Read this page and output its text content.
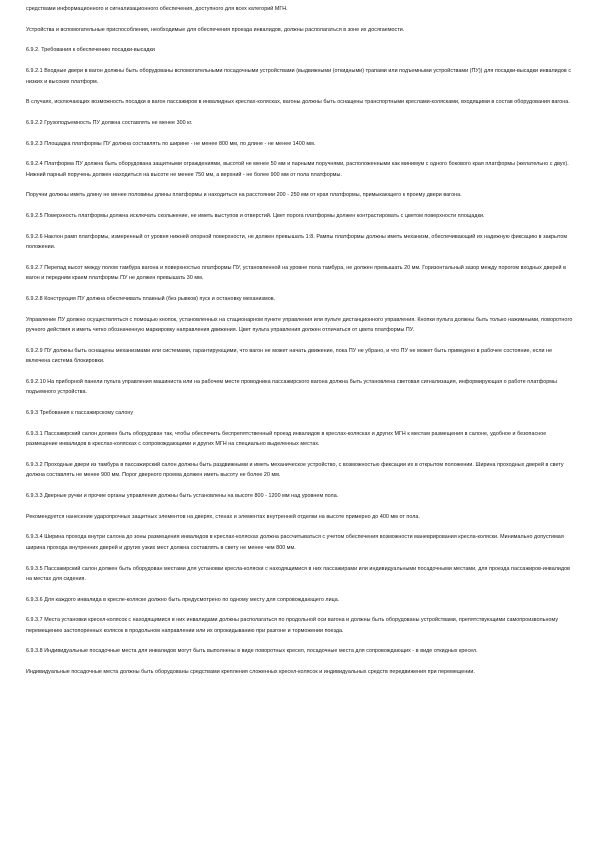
средствами информационного и сигнализационного обеспечения, доступного для всех категорий МГН.

Устройства и вспомогательные приспособления, необходимые для обеспечения проезда инвалидов, должны располагаться в зоне их досягаемости.

6.9.2. Требования к обеспечению посадки-высадки

6.9.2.1 Входные двери в вагон должны быть оборудованы вспомогательными посадочными устройствами (выдвижными (откидными) трапами или подъемными устройствами (ПУ)) для посадки-высадки инвалидов с низких и высоких платформ.

В случаях, исключающих возможность посадки в вагон пассажиров в инвалидных креслах-колясках, вагоны должны быть оснащены транспортными креслами-колясками, входящими в состав оборудования вагона.

6.9.2.2 Грузоподъемность ПУ должна составлять не менее 300 кг.

6.9.2.3 Площадка платформы ПУ должна составлять по ширине - не менее 800 мм, по длине - не менее 1400 мм.

6.9.2.4 Платформа ПУ должна быть оборудована защитными ограждениями, высотой не менее 50 мм и парными поручнями, расположенными как минимум с одного бокового края платформы (желательно с двух). Нижний парный поручень должен находиться на высоте не менее 750 мм, а верхний - не более 900 мм от пола платформы.

Поручни должны иметь длину не менее половины длины платформы и находиться на расстоянии 200 - 250 мм от края платформы, примыкающего к проему двери вагона.

6.9.2.5 Поверхность платформы должна исключать скольжение, не иметь выступов и отверстий. Цвет порога платформы должен контрастировать с цветом поверхности площадки.

6.9.2.6 Наклон рамп платформы, измеренный от уровня нижней опорной поверхности, не должен превышать 1:8. Рампы платформы должны иметь механизм, обеспечивающий их надежную фиксацию в закрытом положении.

6.9.2.7 Перепад высот между полом тамбура вагона и поверхностью платформы ПУ, установленной на уровне пола тамбура, не должен превышать 20 мм. Горизонтальный зазор между порогом входных дверей в вагон и передним краем платформы ПУ не должен превышать 30 мм.

6.9.2.8 Конструкция ПУ должна обеспечивать плавный (без рывков) пуск и остановку механизмов.

Управление ПУ должно осуществляться с помощью кнопок, установленных на стационарном пункте управления или пульте дистанционного управления. Кнопки пульта должны быть только нажимными, поворотного ручного действия и иметь четко обозначенную маркировку направления движения. Цвет пульта управления должен отличаться от цвета платформы ПУ.

6.9.2.9 ПУ должны быть оснащены механизмами или системами, гарантирующими, что вагон не может начать движение, пока ПУ не убрано, и что ПУ не может быть приведено в рабочее состояние, если не включена система блокировки.

6.9.2.10 На приборной панели пульта управления машиниста или на рабочем месте проводника пассажирского вагона должна быть установлена световая сигнализация, информирующая о работе платформы подъемного устройства.

6.9.3 Требования к пассажирскому салону

6.9.3.1 Пассажирский салон должен быть оборудован так, чтобы обеспечить беспрепятственный проезд инвалидов в креслах-колясках и других МГН к местам размещения в салоне, удобное и безопасное размещение инвалидов в креслах-колясках с сопровождающими и других МГН на специально выделенных местах.

6.9.3.2 Проходные двери из тамбура в пассажирский салон должны быть раздвижными и иметь механическое устройство, с возможностью фиксации их в открытом положении. Ширина проходных дверей в свету должна составлять не менее 900 мм. Порог дверного проема должен иметь высоту не более 20 мм.

6.9.3.3 Дверные ручки и прочие органы управления должны быть установлены на высоте 800 - 1200 мм над уровнем пола.

Рекомендуется нанесение ударопрочных защитных элементов на дверях, стенах и элементах внутренней отделки на высоте примерно до 400 мм от пола.

6.9.3.4 Ширина прохода внутри салона до зоны размещения инвалидов в креслах-колясках должна рассчитываться с учетом обеспечения возможности маневрирования кресла-коляски. Минимально допустимая ширина прохода внутренних дверей и других узких мест должна составлять в свету не менее чем 800 мм.

6.9.3.5 Пассажирский салон должен быть оборудован местами для установки кресла-коляски с находящимися в них пассажирами или индивидуальными посадочными местами, для проезда пассажиров-инвалидов на местах для сидения.

6.9.3.6 Для каждого инвалида в кресле-коляске должно быть предусмотрено по одному месту для сопровождающего лица.

6.9.3.7 Места установки кресел-колясок с находящимися в них инвалидами должны располагаться по продольной оси вагона и должны быть оборудованы устройствами, препятствующими самопроизвольному перемещению застопоренных колясок в продольном направлении или их опрокидыванию при разгоне и торможении поезда.

6.9.3.8 Индивидуальные посадочные места для инвалидов могут быть выполнены в виде поворотных кресел, посадочные места для сопровождающих - в виде откидных кресел.

Индивидуальные посадочные места должны быть оборудованы средствами крепления сложенных кресел-колясок и индивидуальных средств передвижения при перемещении.
